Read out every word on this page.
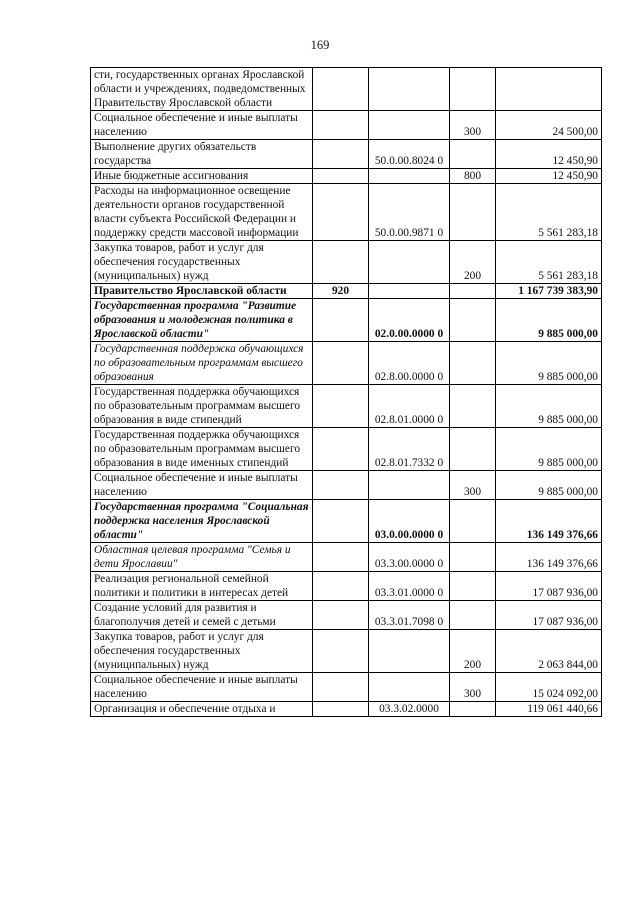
169
сти, государственных органах Ярославской области и учреждениях, подведомственных Правительству Ярославской области				
Социальное обеспечение и иные выплаты населению			300	24 500,00
Выполнение других обязательств государства		50.0.00.8024 0		12 450,90
Иные бюджетные ассигнования			800	12 450,90
Расходы на информационное освещение деятельности органов государственной власти субъекта Российской Федерации и поддержку средств массовой информации		50.0.00.9871 0		5 561 283,18
Закупка товаров, работ и услуг для обеспечения государственных (муниципальных) нужд			200	5 561 283,18
Правительство Ярославской области	920			1 167 739 383,90
Государственная программа "Развитие образования и молодежная политика в Ярославской области"		02.0.00.0000 0		9 885 000,00
Государственная поддержка обучающихся по образовательным программам высшего образования		02.8.00.0000 0		9 885 000,00
Государственная поддержка обучающихся по образовательным программам высшего образования в виде стипендий		02.8.01.0000 0		9 885 000,00
Государственная поддержка обучающихся по образовательным программам высшего образования в виде именных стипендий		02.8.01.7332 0		9 885 000,00
Социальное обеспечение и иные выплаты населению			300	9 885 000,00
Государственная программа "Социальная поддержка населения Ярославской области"		03.0.00.0000 0		136 149 376,66
Областная целевая программа "Семья и дети Ярославии"		03.3.00.0000 0		136 149 376,66
Реализация региональной семейной политики и политики в интересах детей		03.3.01.0000 0		17 087 936,00
Создание условий для развития и благополучия детей и семей с детьми		03.3.01.7098 0		17 087 936,00
Закупка товаров, работ и услуг для обеспечения государственных (муниципальных) нужд			200	2 063 844,00
Социальное обеспечение и иные выплаты населению			300	15 024 092,00
Организация и обеспечение отдыха и		03.3.02.0000		119 061 440,66
